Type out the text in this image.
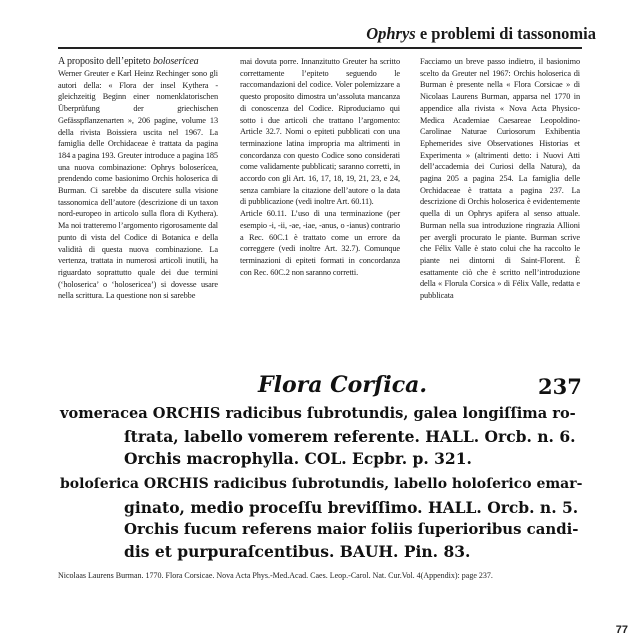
Ophrys e problemi di tassonomia

A proposito dell’epiteto boloserícea

Werner Greuter e Karl Heinz Rechinger sono gli autori della: « Flora der insel Kythera - gleichzeitig Beginn einer nomenklatorischen Überprüfung der griechischen Gefässpflanzenarten », 206 pagine, volume 13 della rivista Boissiera uscita nel 1967. La famiglia delle Orchidaceae è trattata da pagina 184 a pagina 193. Greuter introduce a pagina 185 una nuova combinazione: Ophrys boloserícea, prendendo come basionimo Orchis holoserica di Burman. Ci sarebbe da discutere sulla visione tassonomica dell’autore (descrizione di un taxon nord-europeo in articolo sulla flora di Kythera). Ma noi tratteremo l’argomento rigorosamente dal punto di vista del Codice di Botanica e della validità di questa nuova combinazione. La vertenza, trattata in numerosi articoli inutili, ha riguardato soprattutto quale dei due termini (‘holoserica’ o ‘holosericea’) si dovesse usare nella scrittura. La questione non si sarebbe

mai dovuta porre. Innanzitutto Greuter ha scritto correttamente l’epiteto seguendo le raccomandazioni del codice. Voler polemizzare a questo proposito dimostra un’assoluta mancanza di conoscenza del Codice. Riproduciamo qui sotto i due articoli che trattano l’argomento: Article 32.7. Nomi o epiteti pubblicati con una terminazione latina impropria ma altrimenti in concordanza con questo Codice sono considerati come validamente pubblicati; saranno corretti, in accordo con gli Art. 16, 17, 18, 19, 21, 23, e 24, senza cambiare la citazione dell’autore o la data di pubblicazione (vedi inoltre Art. 60.11).

Article 60.11. L’uso di una terminazione (per esempio -i, -ii, -ae, -iae, -anus, o -ianus) contrario a Rec. 60C.1 è trattato come un errore da correggere (vedi inoltre Art. 32.7). Comunque terminazioni di epiteti formati in concordanza con Rec. 60C.2 non saranno corretti.

Facciamo un breve passo indietro, il basionimo scelto da Greuter nel 1967: Orchis holoserica di Burman è presente nella « Flora Corsicae » di Nicolaas Laurens Burman, apparsa nel 1770 in appendice alla rivista « Nova Acta Physico-Medica Academiae Caesareae Leopoldino-Carolinae Naturae Curiosorum Exhibentia Ephemerides sive Observationes Historias et Experimenta » (altrimenti detto: i Nuovi Atti dell’accademia dei Curiosi della Natura), da pagina 205 a pagina 254. La famiglia delle Orchidaceae è trattata a pagina 237. La descrizione di Orchis holoserica è evidentemente quella di un Ophrys apifera al senso attuale. Burman nella sua introduzione ringrazia Allioni per avergli procurato le piante. Burman scrive che Félix Valle è stato colui che ha raccolto le piante nei dintorni di Saint-Florent. È esattamente ciò che è scritto nell’introduzione della « Florula Corsica » di Félix Valle, redatta e pubblicata

Flora Corſica.	237
vomeracea ORCHIS radicibus ſubrotundis, galea longiſſima ro-
ſtrata, labello vomerem referente. HALL. Orcb. n. 6.
Orchis macrophylla. COL. Ecpbr. p. 321.
boloſerica ORCHIS radicibus ſubrotundis, labello holoſerico emar-
ginato, medio proceſſu breviſſimo. HALL. Orcb. n. 5.
Orchis fucum referens maior foliis ſuperioribus candi-
dis et purpuraſcentibus. BAUH. Pin. 83.
Nicolaas Laurens Burman. 1770. Flora Corsicae. Nova Acta Phys.-Med.Acad. Caes. Leop.-Carol. Nat. Cur.Vol. 4(Appendix): page 237.
77
